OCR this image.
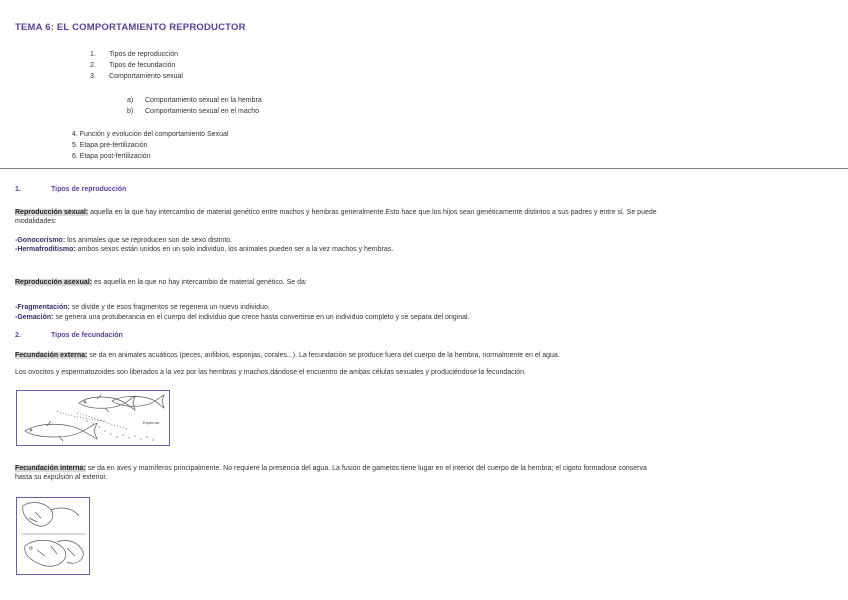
TEMA 6: EL COMPORTAMIENTO REPRODUCTOR
1. Tipos de reproducción
2. Tipos de fecundación
3. Comportamiento sexual
a) Comportamiento sexual en la hembra
b) Comportamiento sexual en el macho
4. Función y evolución del comportamiento Sexual
5. Etapa pre-fertilización
6. Etapa post-fertilización
1.	Tipos de reproducción
Reproducción sexual: aquella en la que hay intercambio de material genético entre machos y hembras generalmente.Esto hace que los hijos sean genéticamente distintos a sus padres y entre sí. Se puede
modalidades:
-Gonocorismo: los animales que se reproducen son de sexo distinto.
-Hermafroditismo: ambos sexos están unidos en un solo individuo, los animales pueden ser a la vez machos y hembras.
Reproducción asexual: es aquella en la que no hay intercambio de material genético. Se da:
-Fragmentación: se divide y de esos fragmentos se regenera un nuevo individuo.
-Gemación: se genera una protuberancia en el cuerpo del individuo que crece hasta convertirse en un individuo completo y se separa del original.
2.	Tipos de fecundación
Fecundación externa: se da en animales acuáticos (peces, anfibios, esponjas, corales...). La fecundación se produce fuera del cuerpo de la hembra, normalmente en el agua.
Los ovocitos y espermatozoides son liberados a la vez por las hembras y machos,dándose el encuentro de ambas células sexuales y produciéndose la fecundación.
Esperma
Fecundación interna: se da en aves y mamíferos principalmente. No requiere la presencia del agua. La fusión de gametos tiene lugar en el interior del cuerpo de la hembra; el cigoto formadose conserva
hasta su expulsión al exterior.
